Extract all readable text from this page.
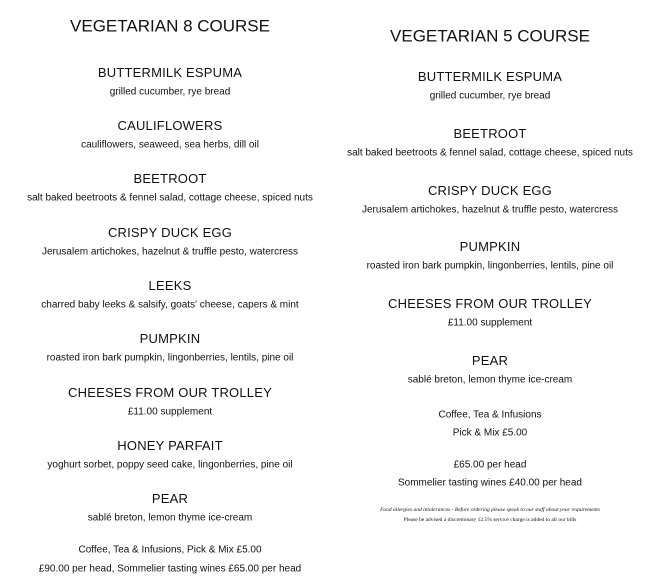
VEGETARIAN 8 COURSE
BUTTERMILK ESPUMA
grilled cucumber, rye bread
CAULIFLOWERS
cauliflowers, seaweed, sea herbs, dill oil
BEETROOT
salt baked beetroots & fennel salad, cottage cheese, spiced nuts
CRISPY DUCK EGG
Jerusalem artichokes, hazelnut & truffle pesto, watercress
LEEKS
charred baby leeks & salsify, goats' cheese, capers & mint
PUMPKIN
roasted iron bark pumpkin, lingonberries, lentils, pine oil
CHEESES FROM OUR TROLLEY
£11.00 supplement
HONEY PARFAIT
yoghurt sorbet, poppy seed cake, lingonberries, pine oil
PEAR
sablé breton, lemon thyme ice-cream
VEGETARIAN 5 COURSE
BUTTERMILK ESPUMA
grilled cucumber, rye bread
BEETROOT
salt baked beetroots & fennel salad, cottage cheese, spiced nuts
CRISPY DUCK EGG
Jerusalem artichokes, hazelnut & truffle pesto, watercress
PUMPKIN
roasted iron bark pumpkin, lingonberries, lentils, pine oil
CHEESES FROM OUR TROLLEY
£11.00 supplement
PEAR
sablé breton, lemon thyme ice-cream
Coffee, Tea & Infusions, Pick & Mix £5.00
£90.00 per head, Sommelier tasting wines £65.00 per head
Coffee, Tea & Infusions
Pick & Mix £5.00
£65.00 per head
Sommelier tasting wines £40.00 per head
Food allergies and intolerances - Before ordering please speak to our staff about your requirements
Please be advised a discretionary 12.5% service charge is added to all our bills
